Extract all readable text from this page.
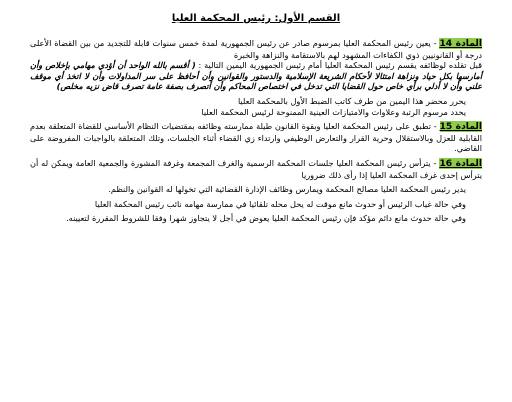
القسم الأول: رئيس المحكمة العليا

المادة 14 - يعين رئيس المحكمة العليا بمرسوم صادر عن رئيس الجمهورية لمدة خمس سنوات قابلة للتجديد من بين القضاة الأعلى درجة أو القانونيين ذوي الكفاءات المشهود لهم بالاستقامة والنزاهة والخبرة

قبل تقلده لوظائفه يقسم رئيس المحكمة العليا أمام رئيس الجمهورية اليمين التالية : ( أقسم بالله الواحد أن أؤدي مهامي بإخلاص وأن أمارسها بكل حياد ونزاهة امتثالا لأحكام الشريعة الإسلامية والدستور والقوانين وأن أحافظ على سر المداولات وأن لا اتخذ أي موقف علني وأن لا أدلي برأي خاص حول القضايا التي تدخل في اختصاص المحاكم وأن أتصرف بصفة عامة تصرف قاض نزيه مخلص)

يحرر محضر هذا اليمين من طرف كاتب الضبط الأول بالمحكمة العليا

يحدد مرسوم الرتبة وعلاوات والامتيازات العينية الممنوحة لرئيس المحكمة العليا

المادة 15 - تطبق على رئيس المحكمة العليا وبقوة القانون طيلة ممارسته وظائفه بمقتضيات النظام الأساسي للقضاة المتعلقة بعدم القابلية للعزل وبالاستقلال وحرية القرار والتعارض الوظيفي وارتداء زي القضاء أثناء الجلسات، وتلك المتعلقة بالواجبات المفروضة على القاضي.

المادة 16 - يترأس رئيس المحكمة العليا جلسات المحكمة الرسمية والغرف المجمعة وغرفة المشورة والجمعية العامة ويمكن له أن يترأس إحدى غرف المحكمة العليا إذا رأى ذلك ضروريا

يدير رئيس المحكمة العليا مصالح المحكمة ويمارس وظائف الإدارة القضائية التي تخولها له القوانين والنظم.

وفي حالة غياب الرئيس أو حدوث مانع موقت له يحل محله تلقائيا في ممارسة مهامه نائب رئيس المحكمة العليا

وفي حالة حدوث مانع دائم مؤكد فإن رئيس المحكمة العليا يعوض في أجل لا يتجاوز شهرا وفقا للشروط المقررة لتعيينه.
